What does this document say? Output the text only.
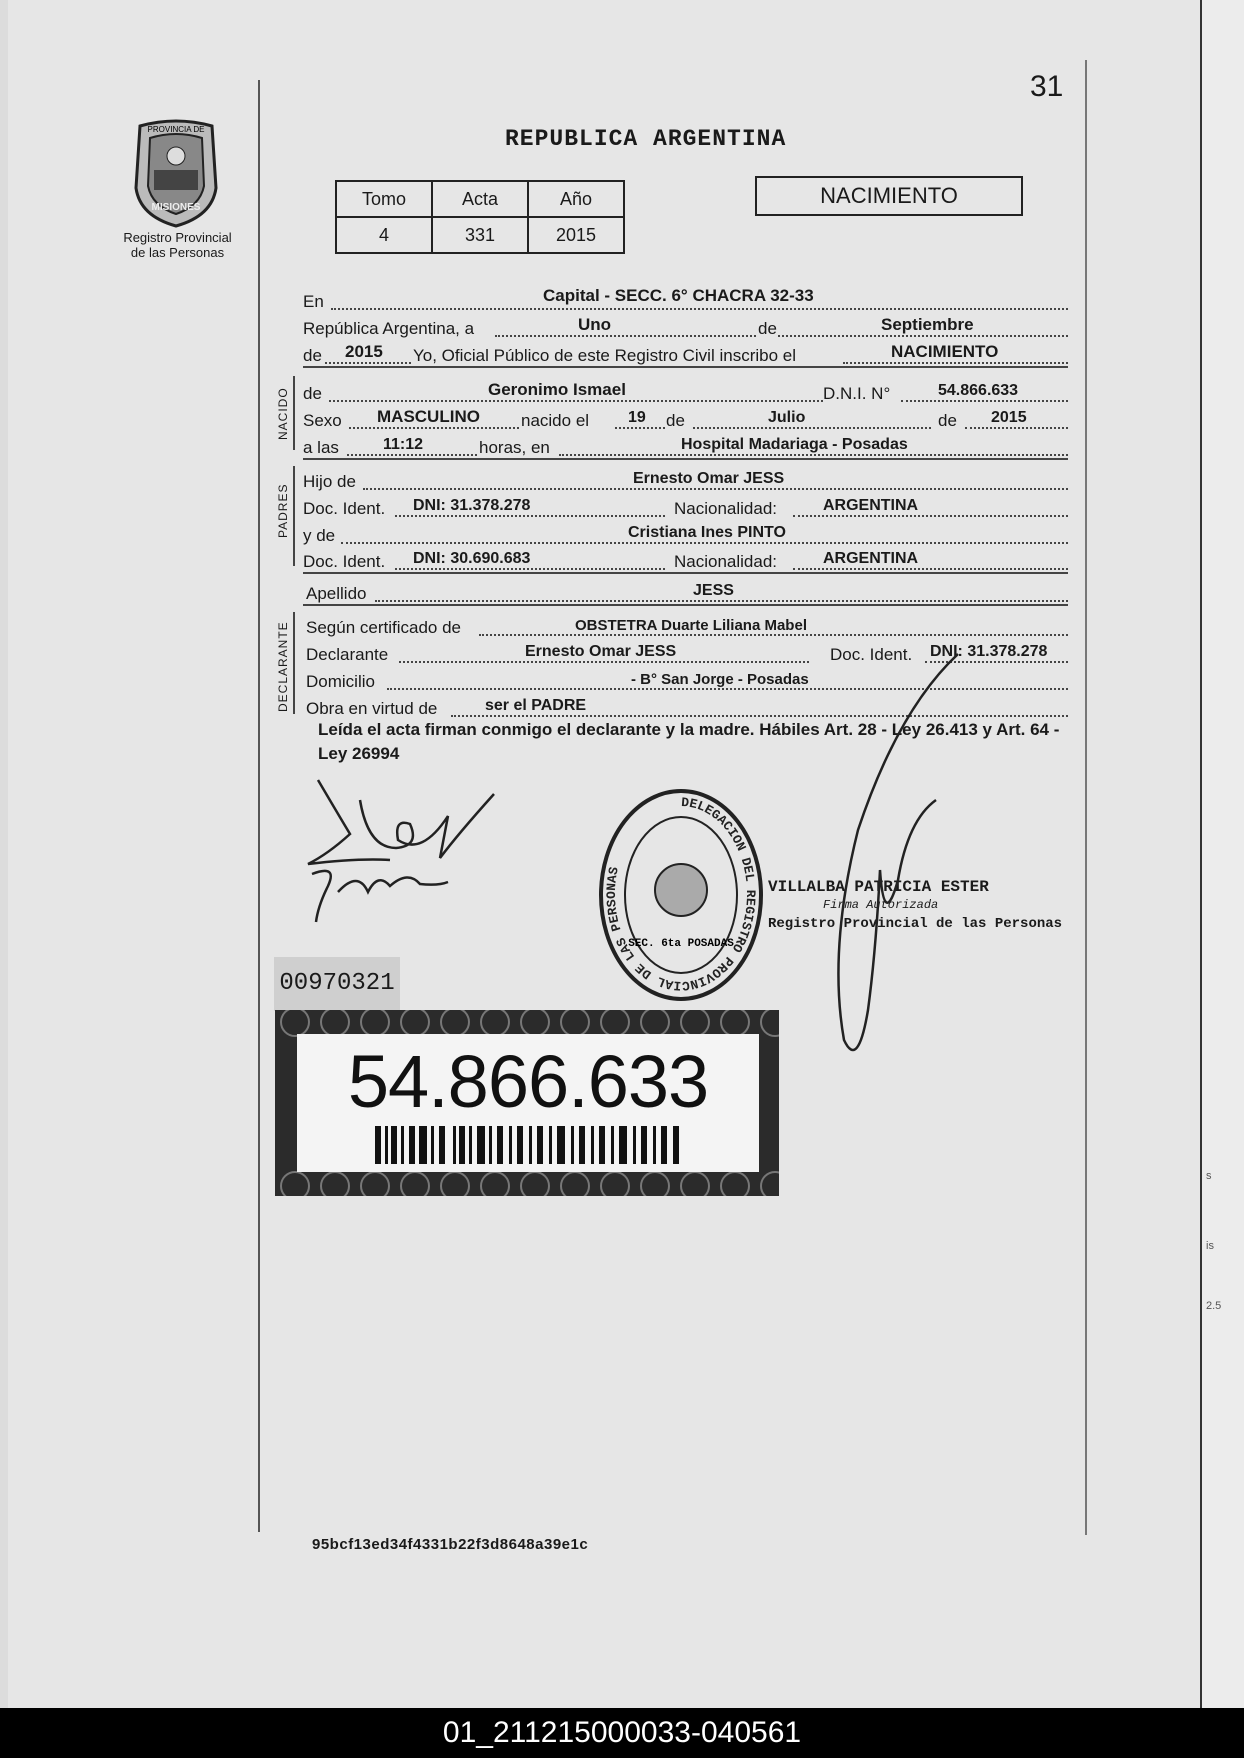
s
is
2.5
31
PROVINCIA DE
MISIONES
Registro Provincial
de las Personas
REPUBLICA ARGENTINA
Tomo	Acta	Año
4	331	2015
NACIMIENTO
En	Capital - SECC. 6° CHACRA 32-33
República Argentina, a	Uno	de	Septiembre
de 2015 Yo, Oficial Público de este Registro Civil inscribo el	NACIMIENTO
NACIDO de	Geronimo Ismael	D.N.I. N°	54.866.633
Sexo MASCULINO nacido el 19 de	Julio	de 2015
a las	11:12	horas, en	Hospital Madariaga - Posadas
PADRES
Hijo de	Ernesto Omar JESS
Doc. Ident. DNI: 31.378.278	Nacionalidad:	ARGENTINA
y de	Cristiana Ines PINTO
Doc. Ident. DNI: 30.690.683	Nacionalidad:	ARGENTINA
Apellido	JESS
DECLARANTE Según certificado de	OBSTETRA Duarte Liliana Mabel
Declarante	Ernesto Omar JESS	Doc. Ident. DNI: 31.378.278
Domicilio	- B° San Jorge - Posadas
Obra en virtud de	ser el PADRE
Leída el acta firman conmigo el declarante y la madre. Hábiles Art. 28 - Ley 26.413 y Art. 64 - Ley 26994
DELEGACION DEL REGISTRO PROVINCIAL DE LAS PERSONAS
SEC. 6ta POSADAS
VILLALBA PATRICIA ESTER
Firma Autorizada
Registro Provincial de las Personas
00970321
54.866.633
95bcf13ed34f4331b22f3d8648a39e1c
01_211215000033-040561
